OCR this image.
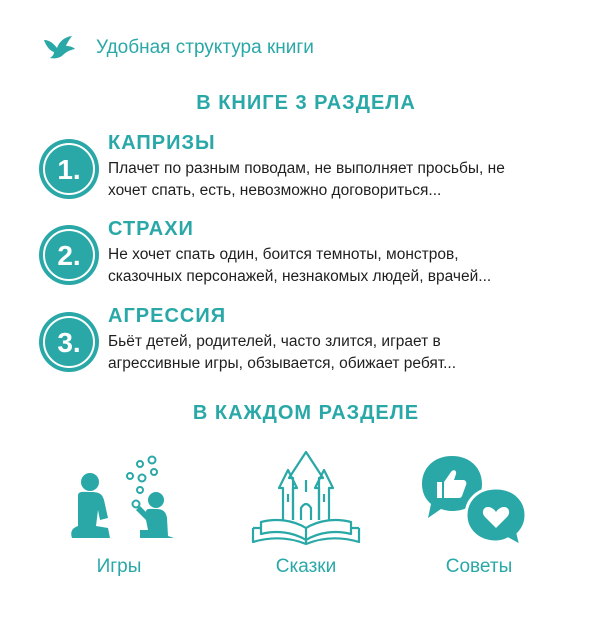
Удобная структура книги
В КНИГЕ 3 РАЗДЕЛА
1.
КАПРИЗЫ
Плачет по разным поводам, не выполняет просьбы, не
хочет спать, есть, невозможно договориться...
2.
СТРАХИ
Не хочет спать один, боится темноты, монстров,
сказочных персонажей, незнакомых людей, врачей...
3.
АГРЕССИЯ
Бьёт детей, родителей, часто злится, играет в
агрессивные игры, обзывается, обижает ребят...
В КАЖДОМ РАЗДЕЛЕ
Игры	Сказки	Советы
